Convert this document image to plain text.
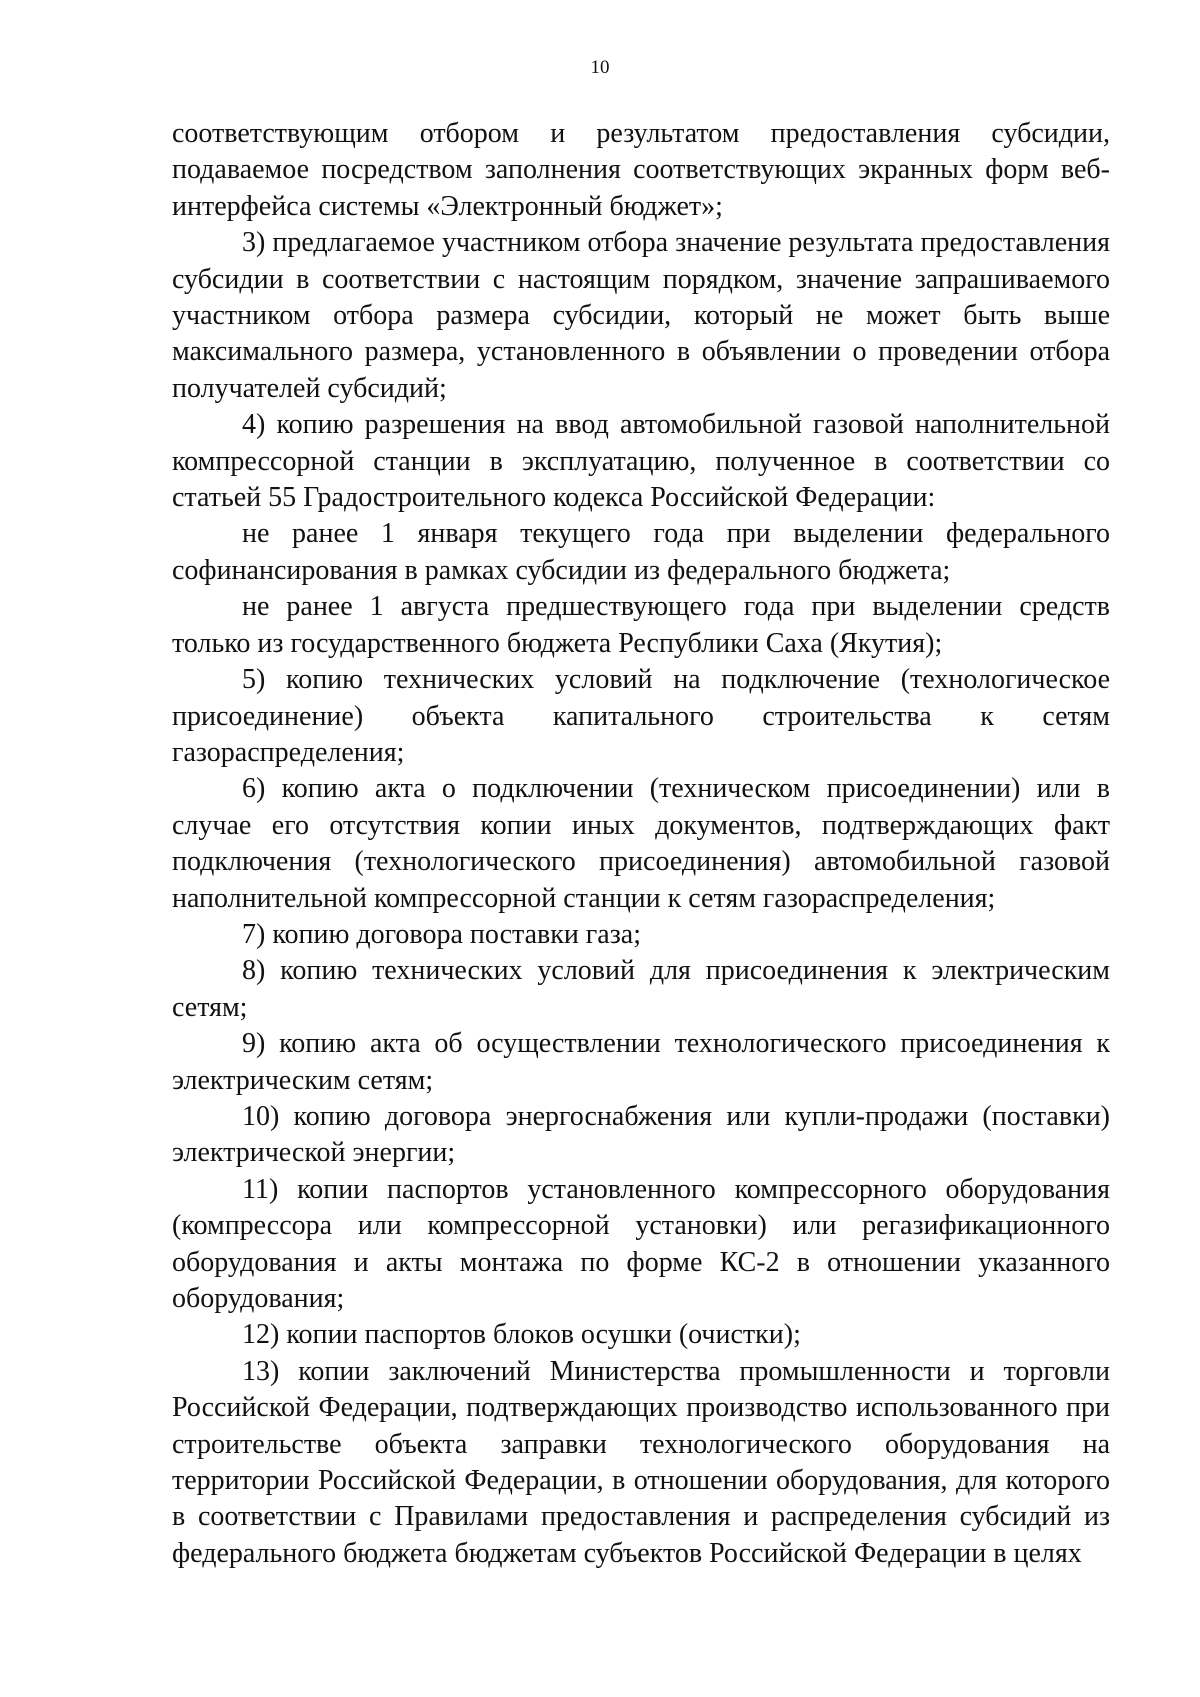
10

соответствующим отбором и результатом предоставления субсидии, подаваемое посредством заполнения соответствующих экранных форм веб-интерфейса системы «Электронный бюджет»;

3) предлагаемое участником отбора значение результата предоставления субсидии в соответствии с настоящим порядком, значение запрашиваемого участником отбора размера субсидии, который не может быть выше максимального размера, установленного в объявлении о проведении отбора получателей субсидий;

4) копию разрешения на ввод автомобильной газовой наполнительной компрессорной станции в эксплуатацию, полученное в соответствии со статьей 55 Градостроительного кодекса Российской Федерации:

не ранее 1 января текущего года при выделении федерального софинансирования в рамках субсидии из федерального бюджета;

не ранее 1 августа предшествующего года при выделении средств только из государственного бюджета Республики Саха (Якутия);

5) копию технических условий на подключение (технологическое присоединение) объекта капитального строительства к сетям газораспределения;

6) копию акта о подключении (техническом присоединении) или в случае его отсутствия копии иных документов, подтверждающих факт подключения (технологического присоединения) автомобильной газовой наполнительной компрессорной станции к сетям газораспределения;

7) копию договора поставки газа;

8) копию технических условий для присоединения к электрическим сетям;

9) копию акта об осуществлении технологического присоединения к электрическим сетям;

10) копию договора энергоснабжения или купли-продажи (поставки) электрической энергии;

11) копии паспортов установленного компрессорного оборудования (компрессора или компрессорной установки) или регазификационного оборудования и акты монтажа по форме КС-2 в отношении указанного оборудования;

12) копии паспортов блоков осушки (очистки);

13) копии заключений Министерства промышленности и торговли Российской Федерации, подтверждающих производство использованного при строительстве объекта заправки технологического оборудования на территории Российской Федерации, в отношении оборудования, для которого в соответствии с Правилами предоставления и распределения субсидий из федерального бюджета бюджетам субъектов Российской Федерации в целях
